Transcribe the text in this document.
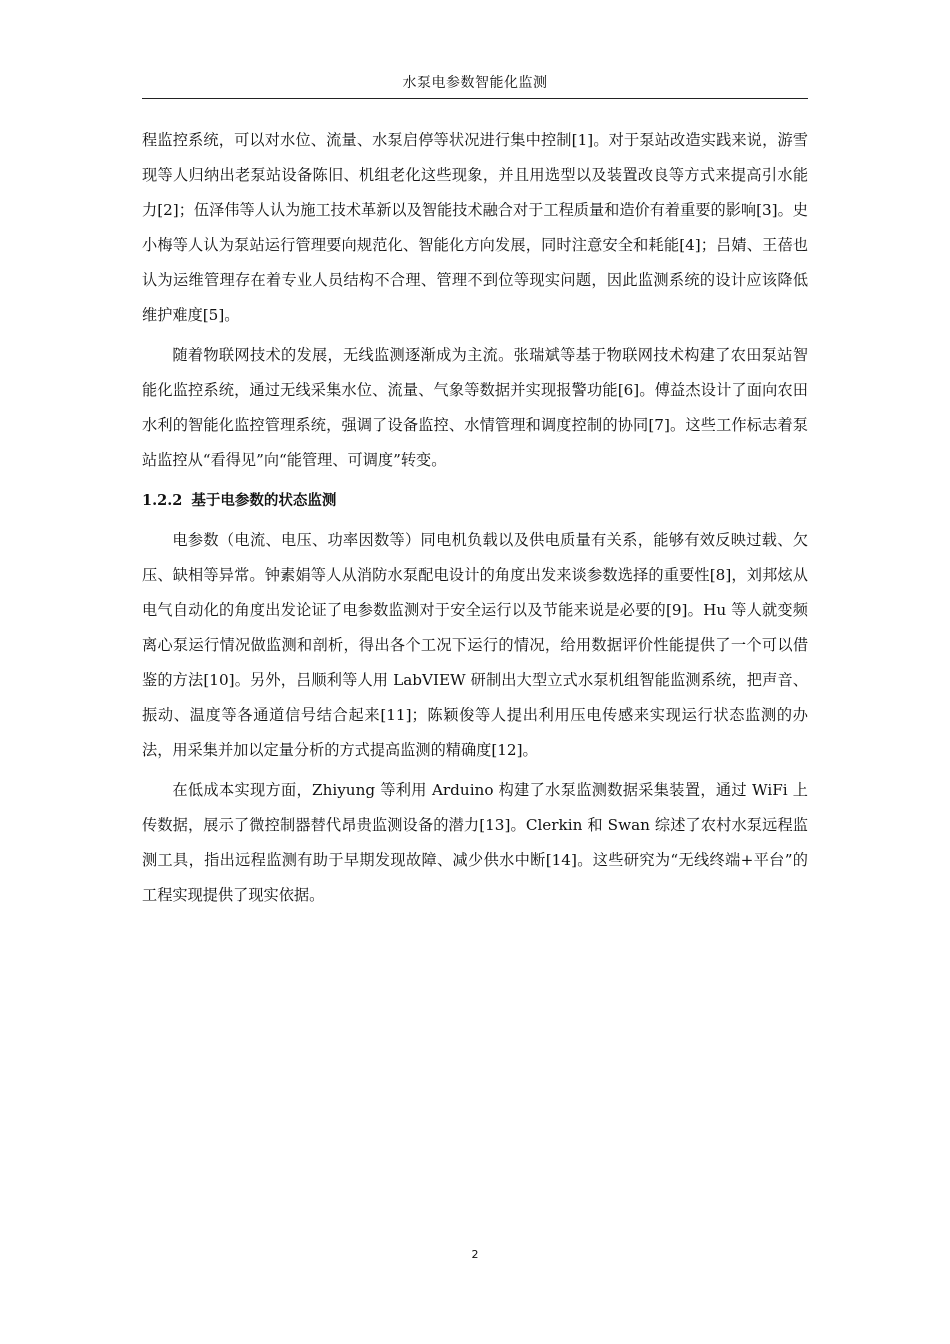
水泵电参数智能化监测

程监控系统，可以对水位、流量、水泵启停等状况进行集中控制[1]。对于泵站改造实践来说，游雪现等人归纳出老泵站设备陈旧、机组老化这些现象，并且用选型以及装置改良等方式来提高引水能力[2]；伍泽伟等人认为施工技术革新以及智能技术融合对于工程质量和造价有着重要的影响[3]。史小梅等人认为泵站运行管理要向规范化、智能化方向发展，同时注意安全和耗能[4]；吕婧、王蓓也认为运维管理存在着专业人员结构不合理、管理不到位等现实问题，因此监测系统的设计应该降低维护难度[5]。

随着物联网技术的发展，无线监测逐渐成为主流。张瑞斌等基于物联网技术构建了农田泵站智能化监控系统，通过无线采集水位、流量、气象等数据并实现报警功能[6]。傅益杰设计了面向农田水利的智能化监控管理系统，强调了设备监控、水情管理和调度控制的协同[7]。这些工作标志着泵站监控从“看得见”向“能管理、可调度”转变。

1.2.2 基于电参数的状态监测

电参数（电流、电压、功率因数等）同电机负载以及供电质量有关系，能够有效反映过载、欠压、缺相等异常。钟素娟等人从消防水泵配电设计的角度出发来谈参数选择的重要性[8]，刘邦炫从电气自动化的角度出发论证了电参数监测对于安全运行以及节能来说是必要的[9]。Hu 等人就变频离心泵运行情况做监测和剖析，得出各个工况下运行的情况，给用数据评价性能提供了一个可以借鉴的方法[10]。另外，吕顺利等人用 LabVIEW 研制出大型立式水泵机组智能监测系统，把声音、振动、温度等各通道信号结合起来[11]；陈颖俊等人提出利用压电传感来实现运行状态监测的办法，用采集并加以定量分析的方式提高监测的精确度[12]。

在低成本实现方面，Zhiyung 等利用 Arduino 构建了水泵监测数据采集装置，通过 WiFi 上传数据，展示了微控制器替代昂贵监测设备的潜力[13]。Clerkin 和 Swan 综述了农村水泵远程监测工具，指出远程监测有助于早期发现故障、减少供水中断[14]。这些研究为“无线终端+平台”的工程实现提供了现实依据。

2
